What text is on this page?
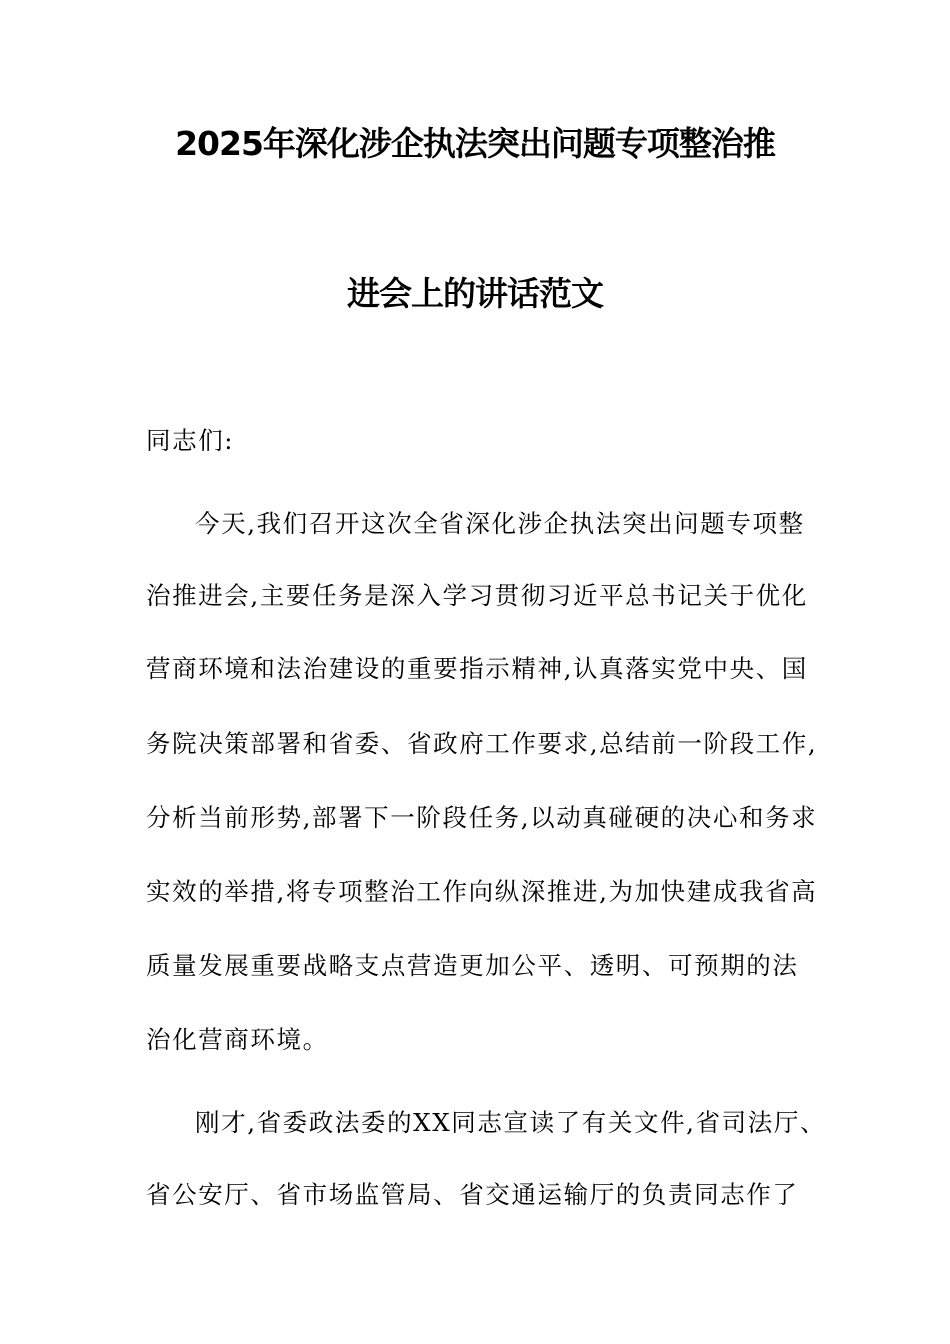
2025年深化涉企执法突出问题专项整治推
进会上的讲话范文
同志们:
今天,我们召开这次全省深化涉企执法突出问题专项整
治推进会,主要任务是深入学习贯彻习近平总书记关于优化
营商环境和法治建设的重要指示精神,认真落实党中央、国
务院决策部署和省委、省政府工作要求,总结前一阶段工作,
分析当前形势,部署下一阶段任务,以动真碰硬的决心和务求
实效的举措,将专项整治工作向纵深推进,为加快建成我省高
质量发展重要战略支点营造更加公平、透明、可预期的法
治化营商环境。
刚才,省委政法委的XX同志宣读了有关文件,省司法厅、
省公安厅、省市场监管局、省交通运输厅的负责同志作了
